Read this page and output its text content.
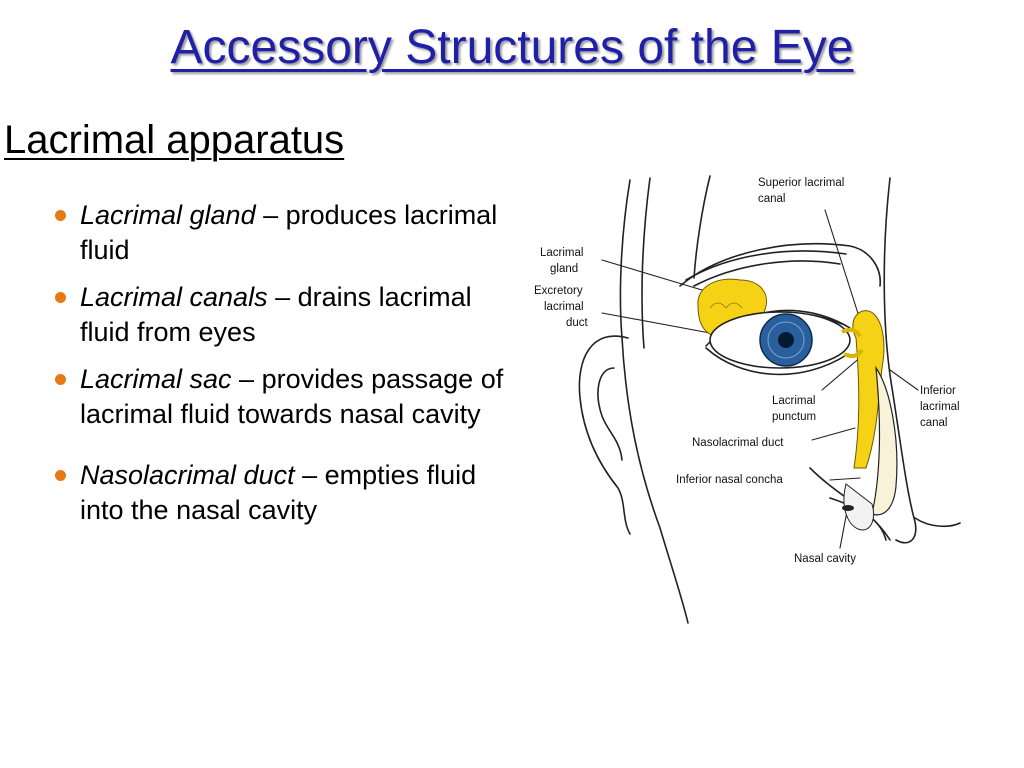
Accessory Structures of the Eye
Lacrimal apparatus
Lacrimal gland – produces lacrimal fluid
Lacrimal canals – drains lacrimal fluid from eyes
Lacrimal sac – provides passage of lacrimal fluid towards nasal cavity
Nasolacrimal duct – empties fluid into the nasal cavity
Superior lacrimal
canal
Lacrimal
gland
Excretory
lacrimal
duct
Inferior
lacrimal
canal
Lacrimal
punctum
Nasolacrimal duct
Inferior nasal concha
Nasal cavity
